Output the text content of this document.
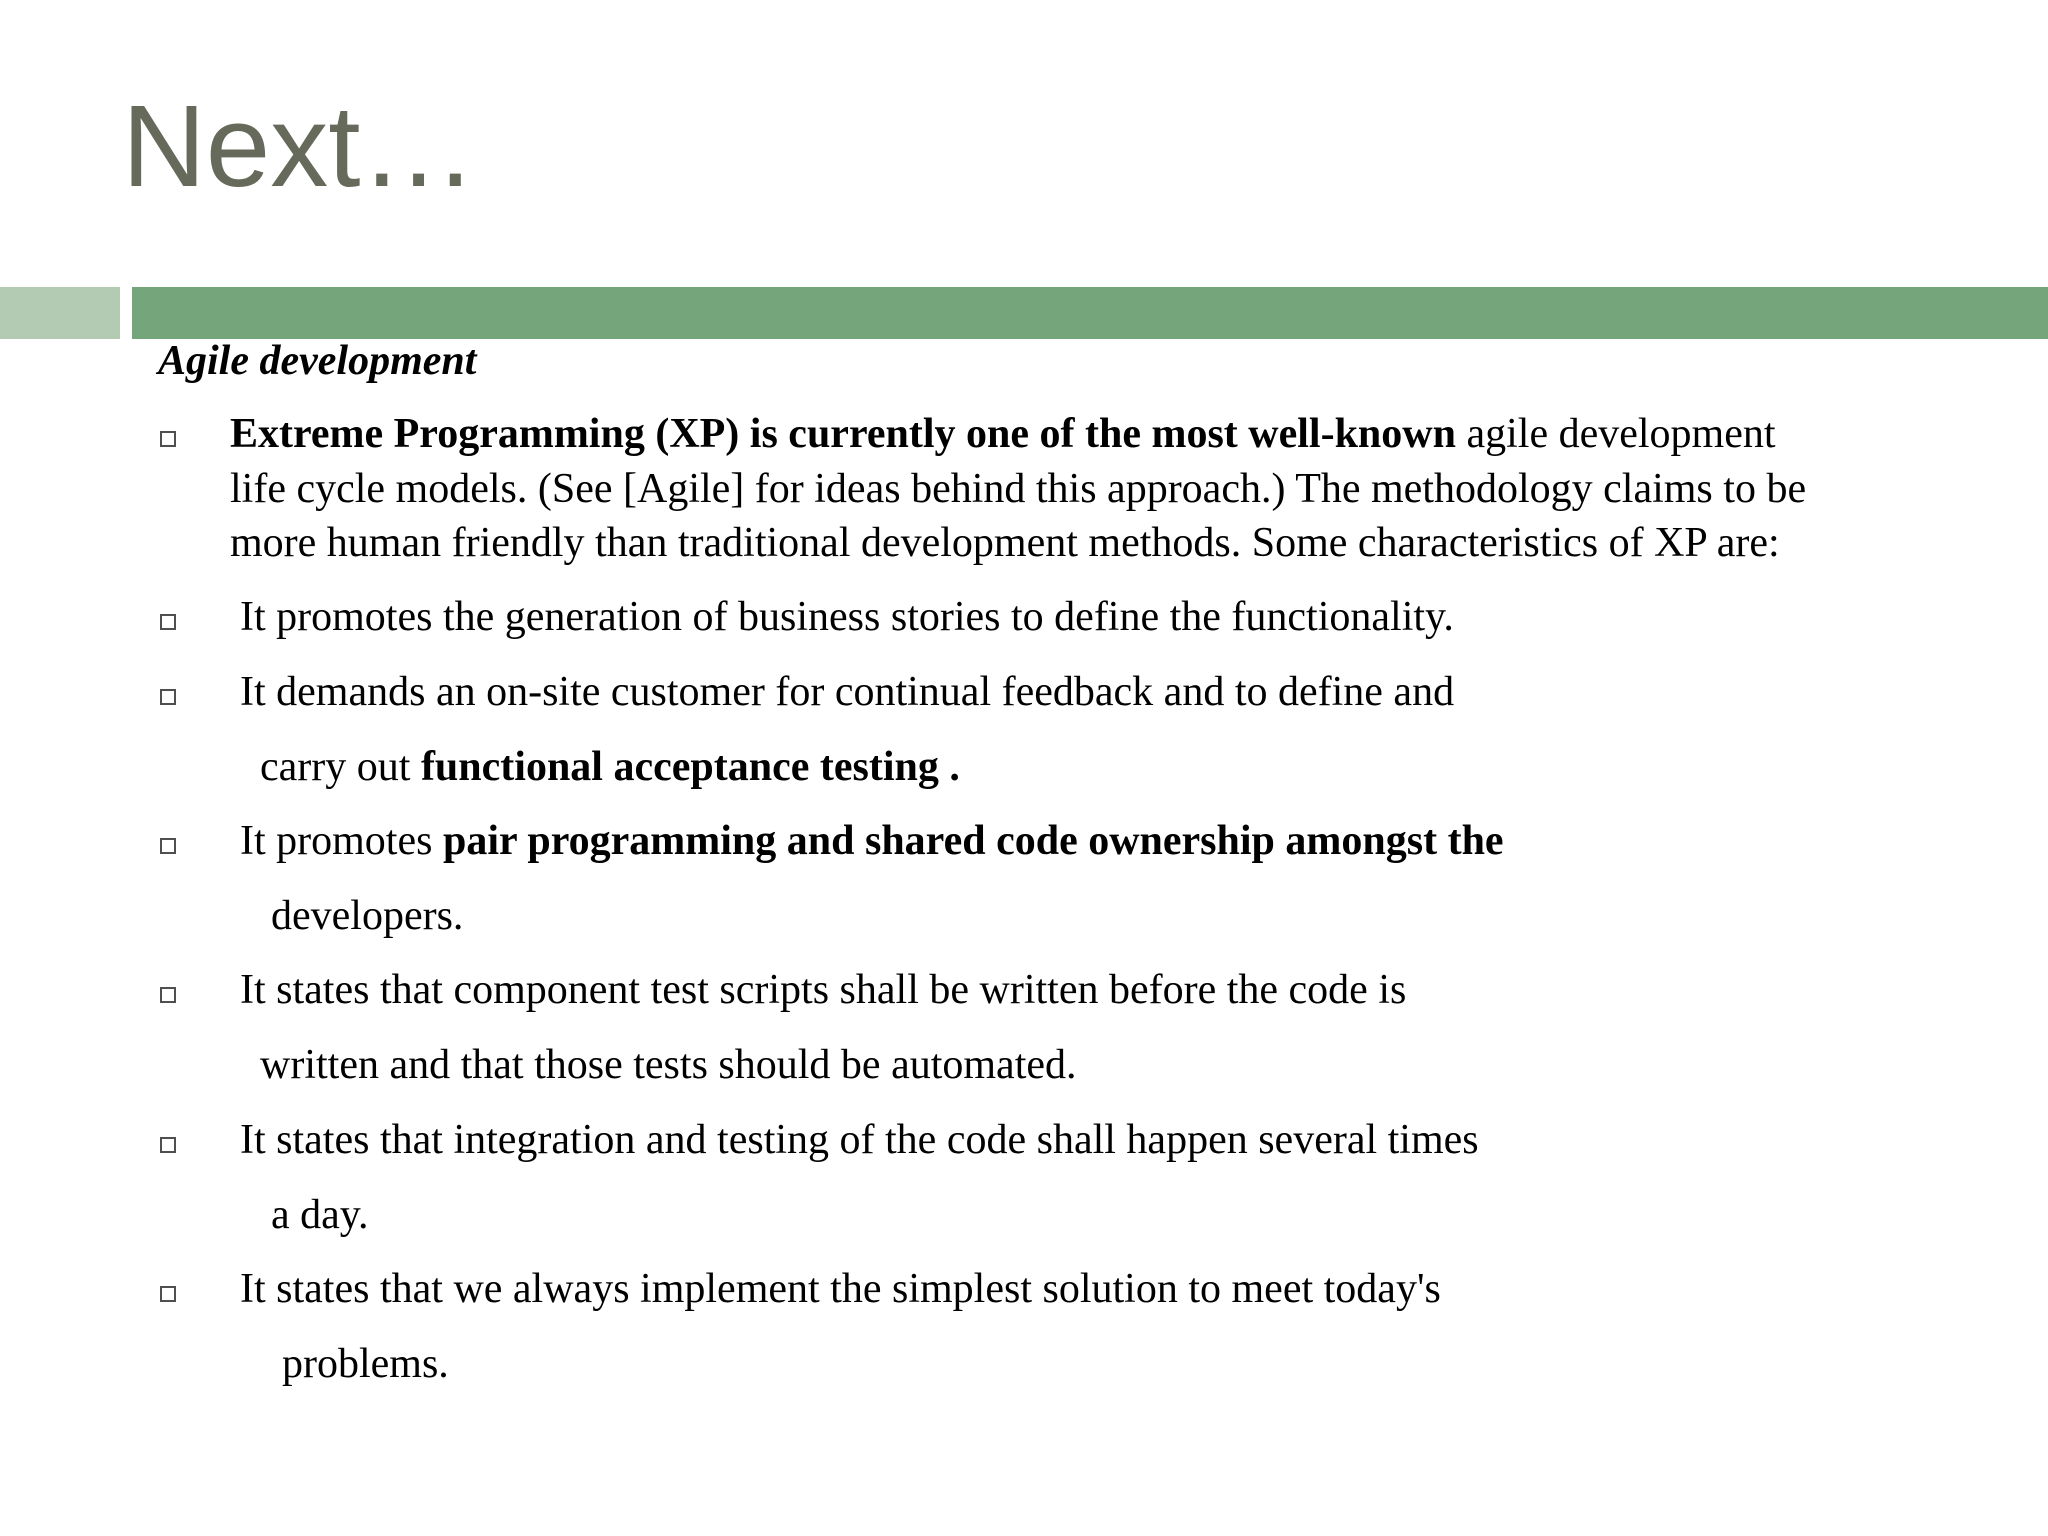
Next…
Agile development

Extreme Programming (XP) is currently one of the most well-known agile development

life cycle models. (See [Agile] for ideas behind this approach.) The methodology claims to be

more human friendly than traditional development methods. Some characteristics of XP are:

It promotes the generation of business stories to define the functionality.

It demands an on-site customer for continual feedback and to define and

carry out functional acceptance testing .

It promotes pair programming and shared code ownership amongst the

developers.

It states that component test scripts shall be written before the code is

written and that those tests should be automated.

It states that integration and testing of the code shall happen several times

a day.

It states that we always implement the simplest solution to meet today's

problems.
